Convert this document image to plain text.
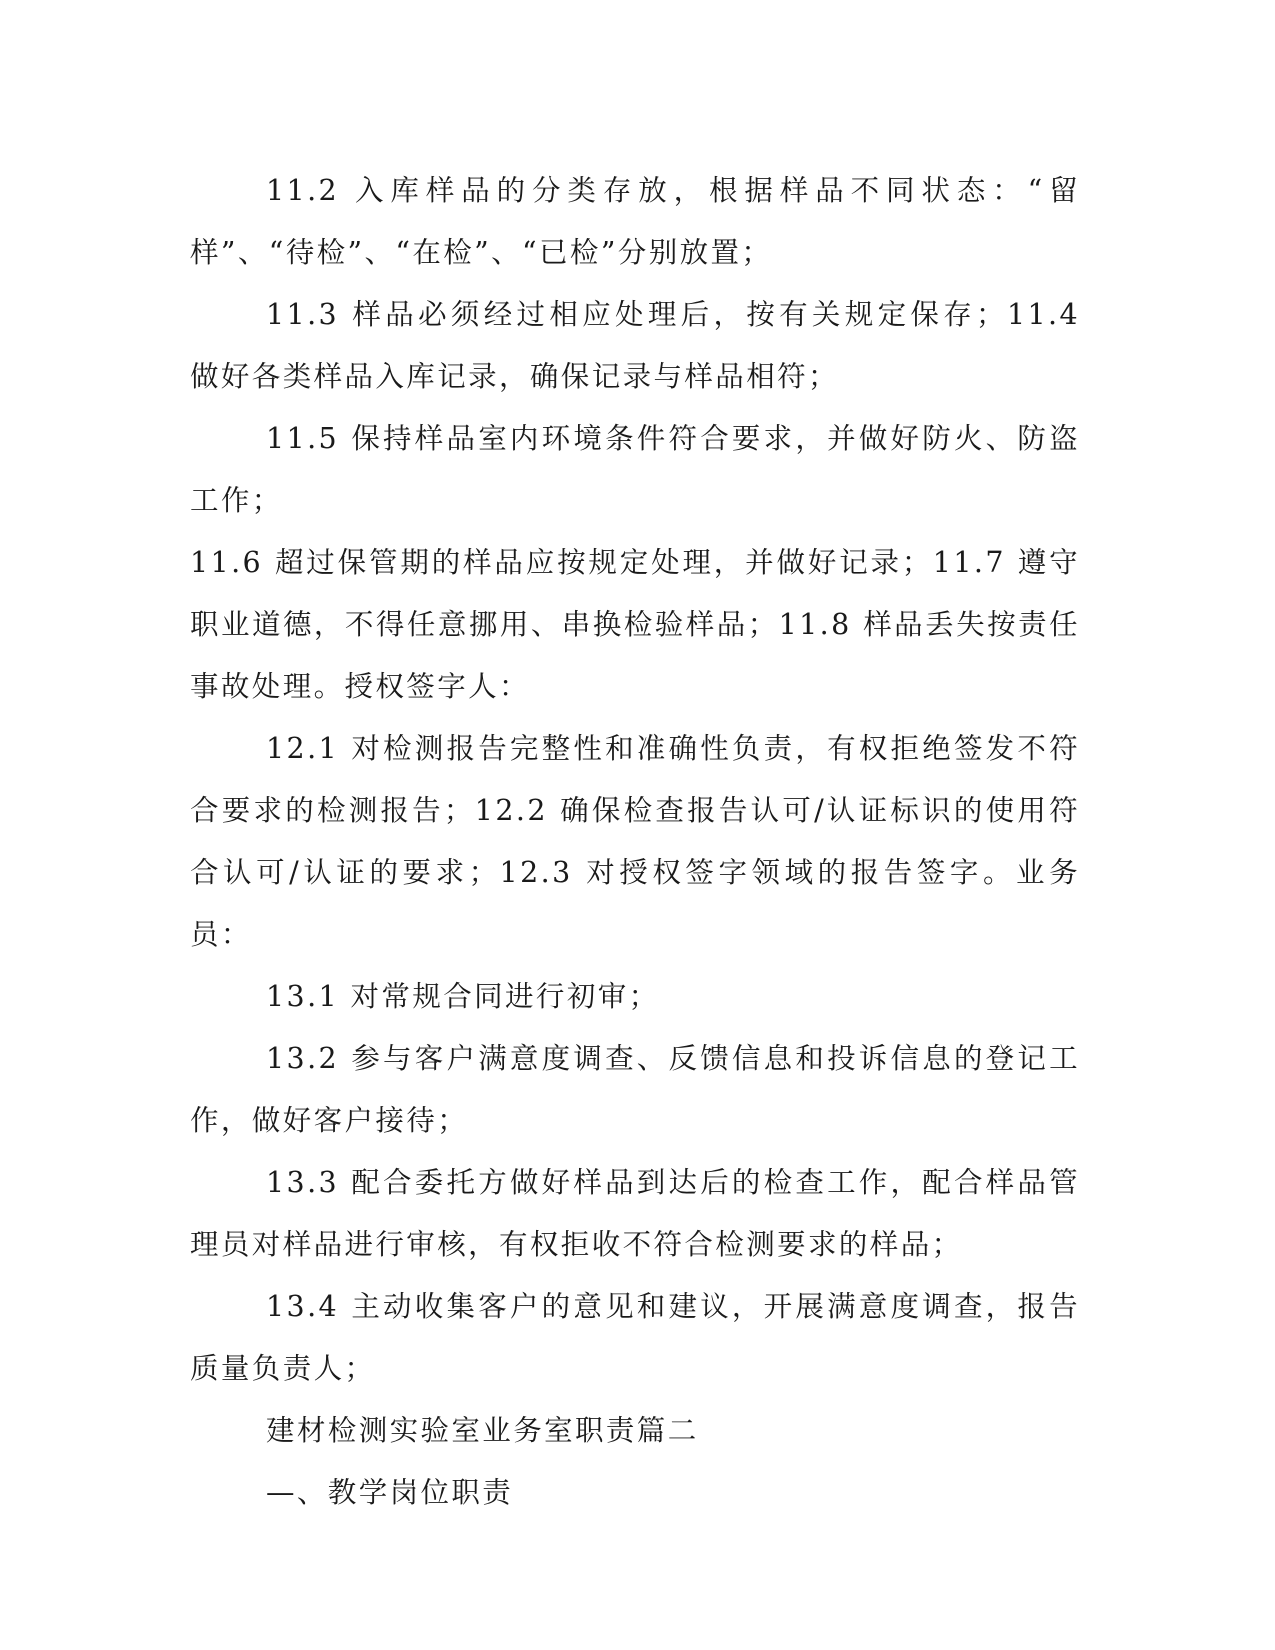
11.2 入库样品的分类存放，根据样品不同状态：“留样”、“待检”、“在检”、“已检”分别放置；

11.3 样品必须经过相应处理后，按有关规定保存；11.4 做好各类样品入库记录，确保记录与样品相符；

11.5 保持样品室内环境条件符合要求，并做好防火、防盗工作；

11.6 超过保管期的样品应按规定处理，并做好记录；11.7 遵守职业道德，不得任意挪用、串换检验样品；11.8 样品丢失按责任事故处理。授权签字人：

12.1 对检测报告完整性和准确性负责，有权拒绝签发不符合要求的检测报告；12.2 确保检查报告认可/认证标识的使用符合认可/认证的要求；12.3 对授权签字领域的报告签字。业务员：

13.1 对常规合同进行初审；

13.2 参与客户满意度调查、反馈信息和投诉信息的登记工作，做好客户接待；

13.3 配合委托方做好样品到达后的检查工作，配合样品管理员对样品进行审核，有权拒收不符合检测要求的样品；

13.4 主动收集客户的意见和建议，开展满意度调查，报告质量负责人；

建材检测实验室业务室职责篇二

—、教学岗位职责
